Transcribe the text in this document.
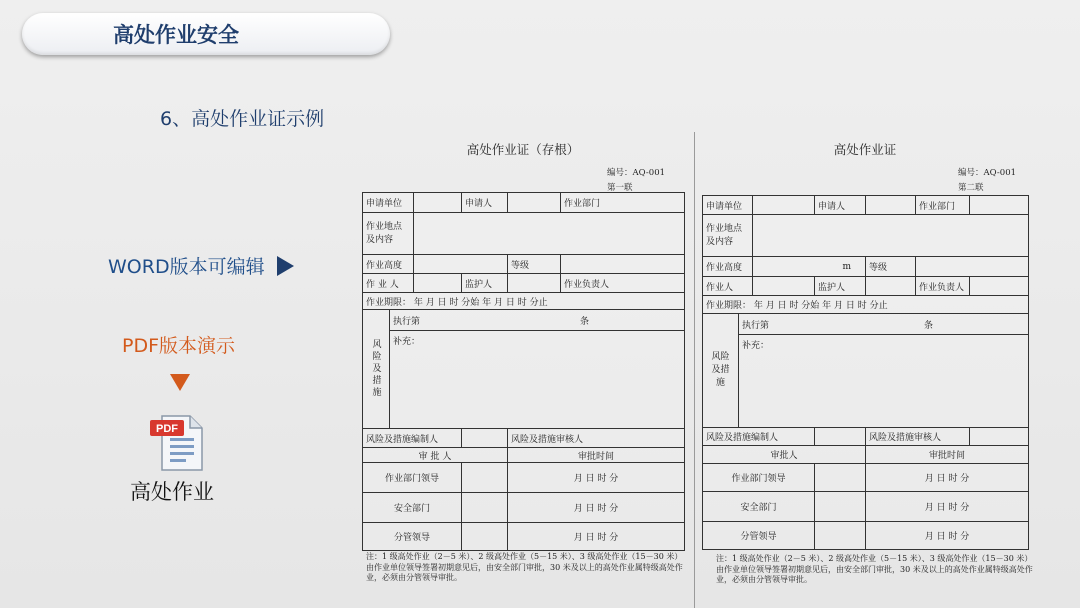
高处作业安全
6、高处作业证示例
WORD版本可编辑
PDF版本演示
PDF
高处作业
高处作业证（存根）
编号：AQ-001
第一联
申请单位			申请人		作业部门
作业地点及内容					
作业高度				等级	
作 业 人			监护人		作业负责人
作业期限： 年 月 日 时 分始 年 月 日 时 分止					
风险及措施	执行第 条				
	补充：				
风险及措施编制人				风险及措施审核人	
审 批 人				审批时间	
作业部门领导				月 日 时 分	
安全部门				月 日 时 分	
分管领导				月 日 时 分	
注：1 级高处作业（2－5 米）、2 级高处作业（5－15 米）、3 级高处作业（15－30 米）由作业单位领导签署初期意见后，由安全部门审批，30 米及以上的高处作业属特级高处作业，必须由分管领导审批。
高处作业证
编号：AQ-001
第二联
申请单位			申请人		作业部门	
作业地点及内容						
作业高度		m		等级		
作业人			监护人		作业负责人	
作业期限： 年 月 日 时 分始 年 月 日 时 分止						
风险及措施	执行第 条					
	补充：					
风险及措施编制人				风险及措施审核人		
审批人				审批时间		
作业部门领导				月 日 时 分		
安全部门				月 日 时 分		
分管领导				月 日 时 分		
注：1 级高处作业（2－5 米）、2 级高处作业（5－15 米）、3 级高处作业（15－30 米）由作业单位领导签署初期意见后，由安全部门审批，30 米及以上的高处作业属特级高处作业，必须由分管领导审批。
